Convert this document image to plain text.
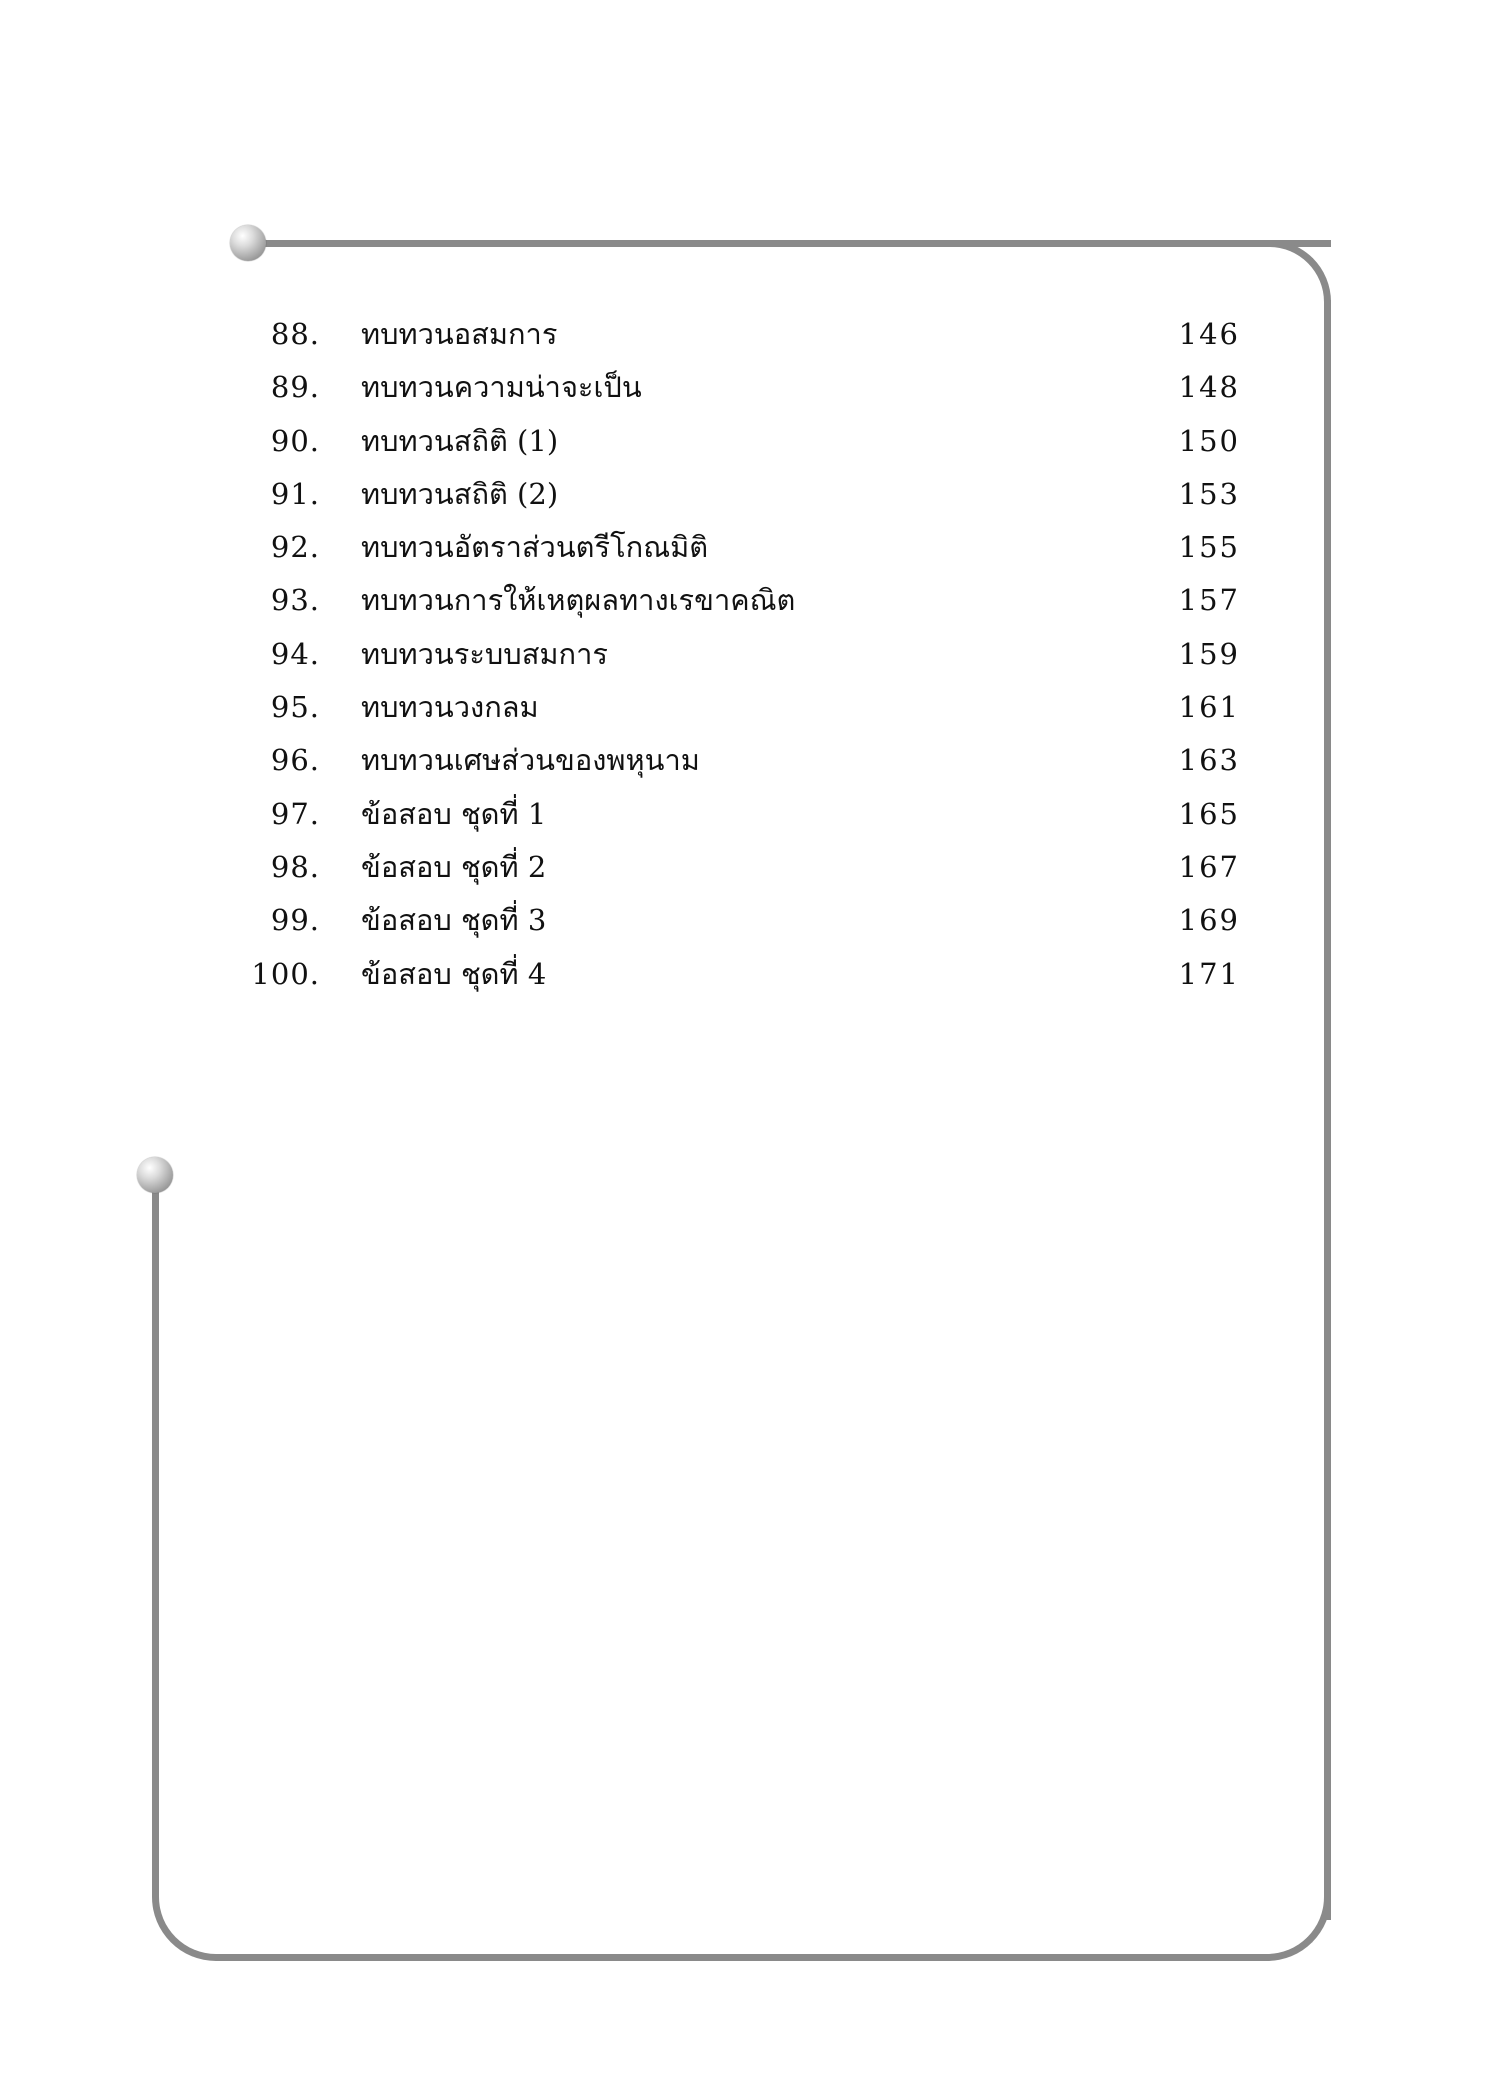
88. ทบทวนอสมการ	146
89. ทบทวนความน่าจะเป็น	148
90. ทบทวนสถิติ (1)	150
91. ทบทวนสถิติ (2)	153
92. ทบทวนอัตราส่วนตรีโกณมิติ	155
93. ทบทวนการให้เหตุผลทางเรขาคณิต	157
94. ทบทวนระบบสมการ	159
95. ทบทวนวงกลม	161
96. ทบทวนเศษส่วนของพหุนาม	163
97. ข้อสอบ ชุดที่ 1	165
98. ข้อสอบ ชุดที่ 2	167
99. ข้อสอบ ชุดที่ 3	169
100. ข้อสอบ ชุดที่ 4	171
